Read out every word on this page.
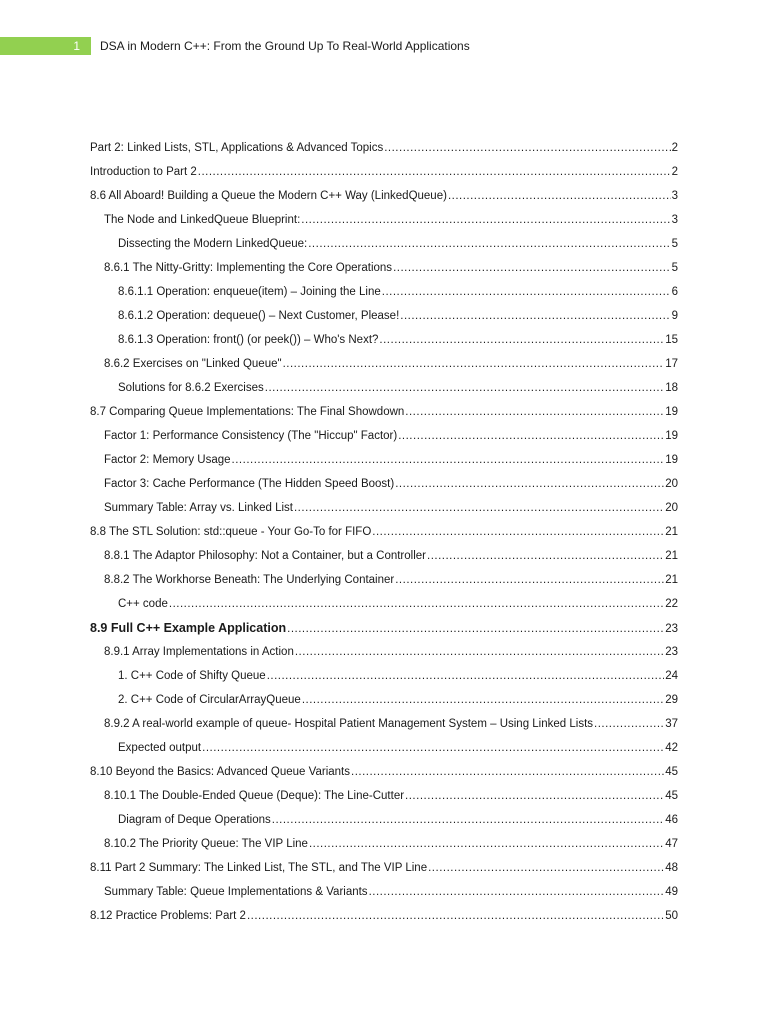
1	DSA in Modern C++: From the Ground Up To Real-World Applications
Part 2: Linked Lists, STL, Applications & Advanced Topics .....	2
Introduction to Part 2 .....	2
8.6 All Aboard! Building a Queue the Modern C++ Way (LinkedQueue) .....	3
The Node and LinkedQueue Blueprint: .....	3
Dissecting the Modern LinkedQueue: .....	5
8.6.1 The Nitty-Gritty: Implementing the Core Operations .....	5
8.6.1.1 Operation: enqueue(item) – Joining the Line .....	6
8.6.1.2 Operation: dequeue() – Next Customer, Please! .....	9
8.6.1.3 Operation: front() (or peek()) – Who's Next? .....	15
8.6.2 Exercises on "Linked Queue" .....	17
Solutions for 8.6.2 Exercises .....	18
8.7 Comparing Queue Implementations: The Final Showdown .....	19
Factor 1: Performance Consistency (The "Hiccup" Factor) .....	19
Factor 2: Memory Usage .....	19
Factor 3: Cache Performance (The Hidden Speed Boost) .....	20
Summary Table: Array vs. Linked List .....	20
8.8 The STL Solution: std::queue - Your Go-To for FIFO .....	21
8.8.1 The Adaptor Philosophy: Not a Container, but a Controller .....	21
8.8.2 The Workhorse Beneath: The Underlying Container .....	21
C++ code .....	22
8.9 Full C++ Example Application .....	23
8.9.1 Array Implementations in Action .....	23
1. C++ Code of Shifty Queue .....	24
2. C++ Code of CircularArrayQueue .....	29
8.9.2 A real-world example of queue- Hospital Patient Management System – Using Linked Lists .....	37
Expected output .....	42
8.10 Beyond the Basics: Advanced Queue Variants .....	45
8.10.1 The Double-Ended Queue (Deque): The Line-Cutter .....	45
Diagram of Deque Operations .....	46
8.10.2 The Priority Queue: The VIP Line .....	47
8.11 Part 2 Summary: The Linked List, The STL, and The VIP Line .....	48
Summary Table: Queue Implementations & Variants .....	49
8.12 Practice Problems: Part 2 .....	50
